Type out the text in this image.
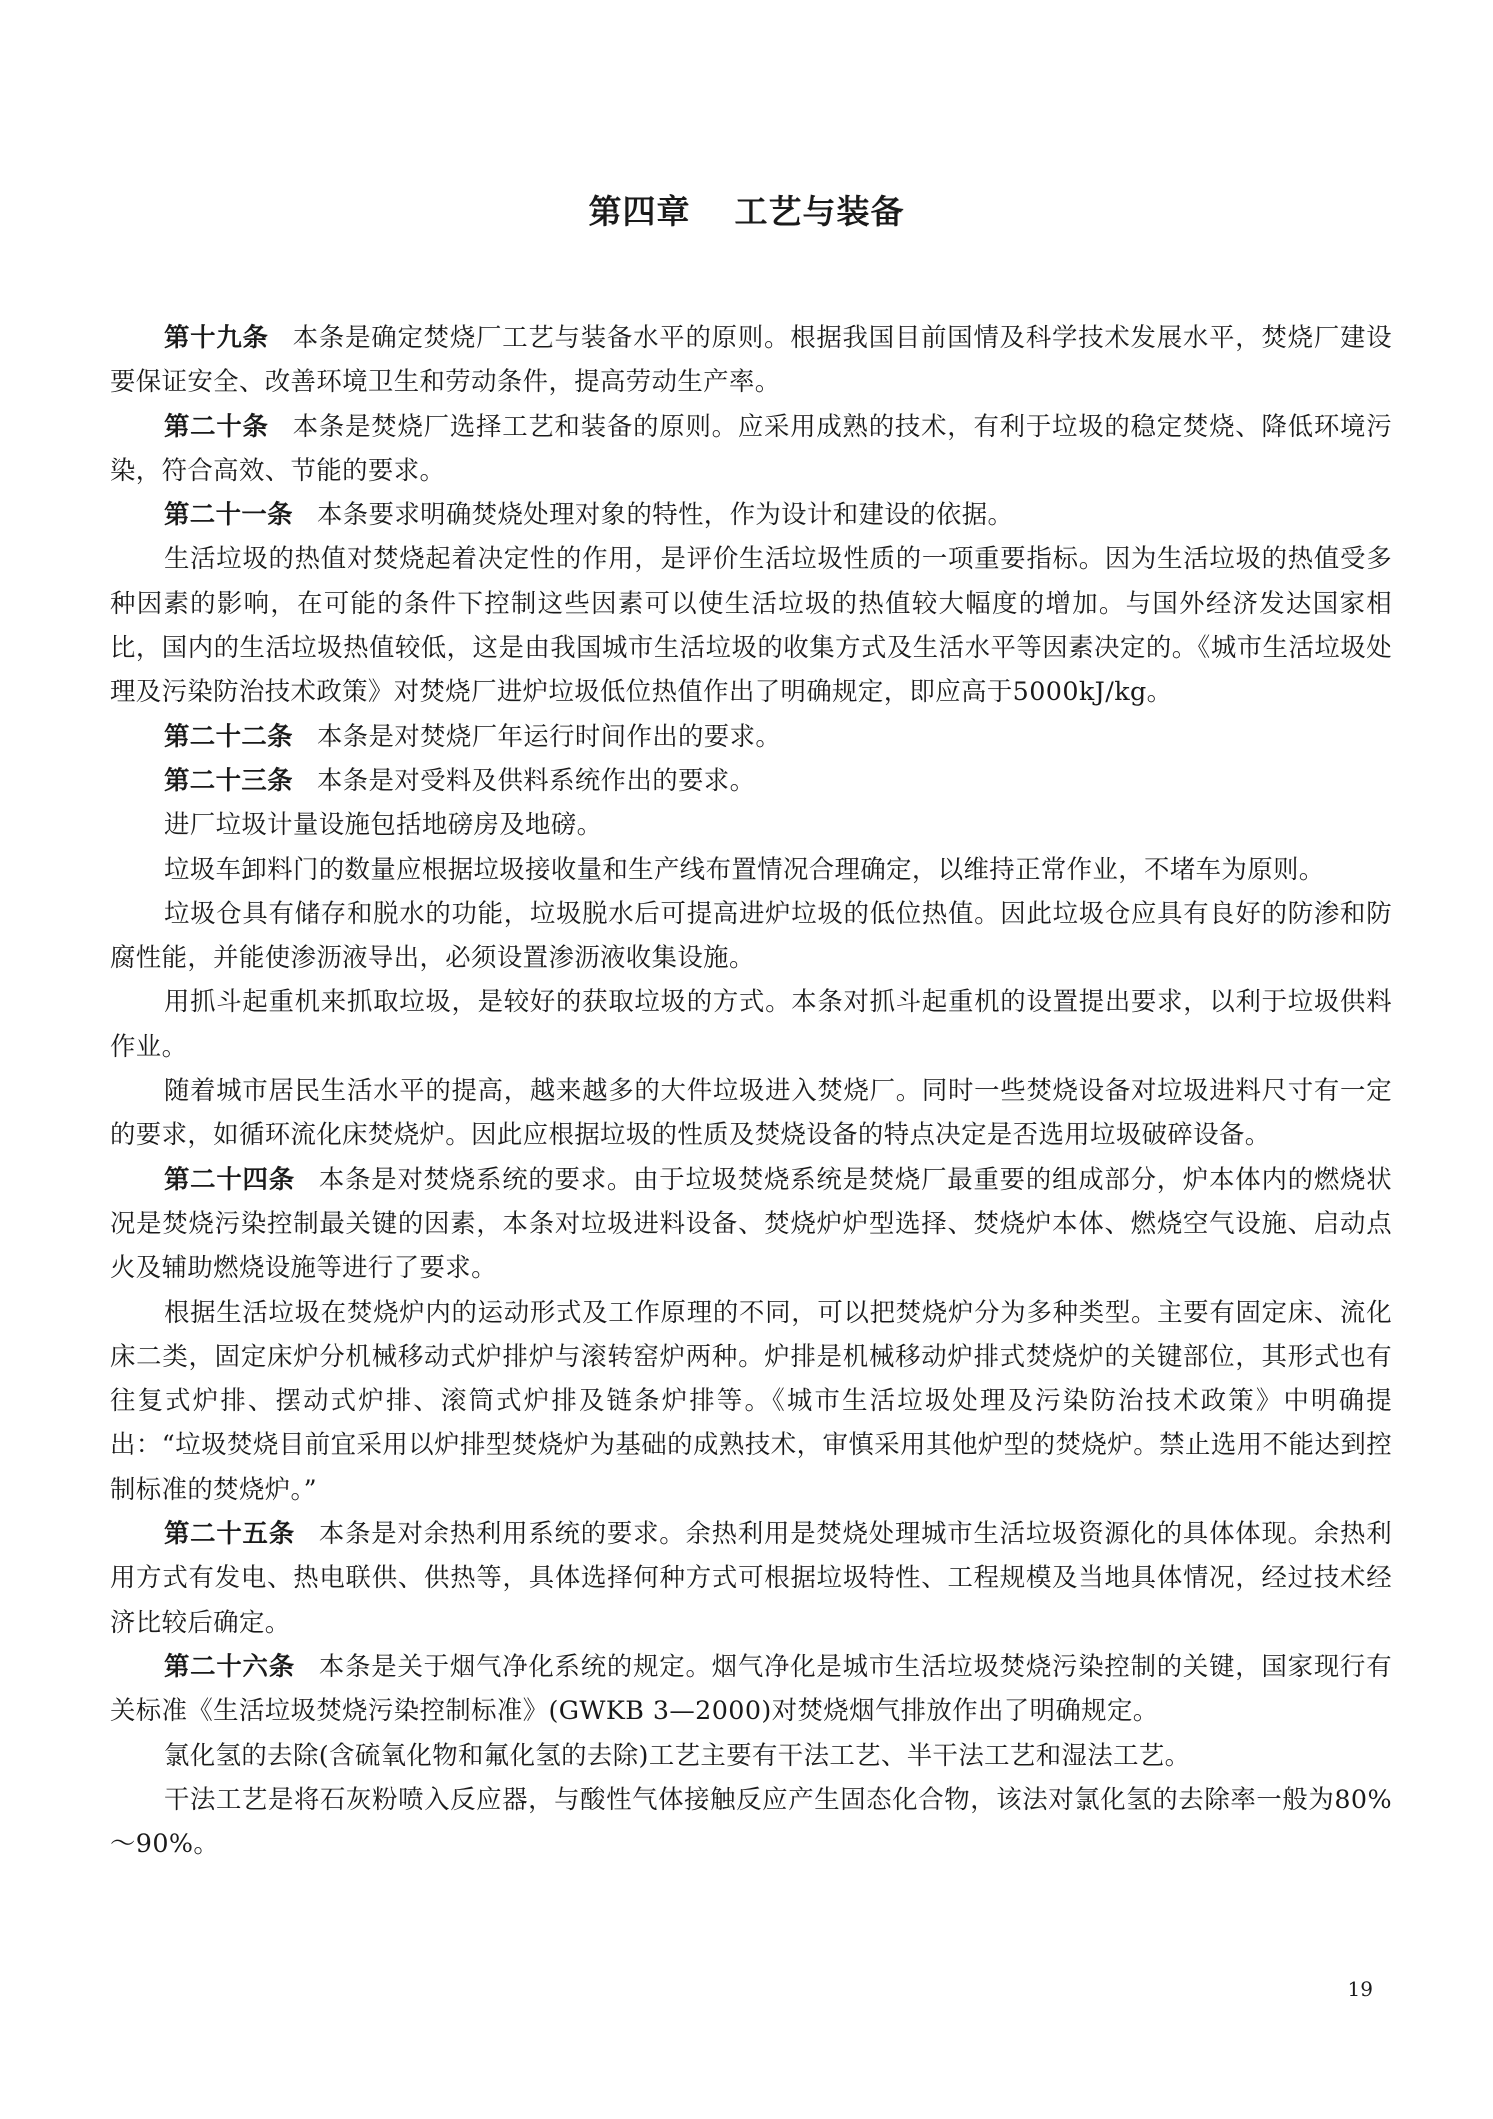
第四章 工艺与装备

第十九条 本条是确定焚烧厂工艺与装备水平的原则。根据我国目前国情及科学技术发展水平，焚烧厂建设要保证安全、改善环境卫生和劳动条件，提高劳动生产率。

第二十条 本条是焚烧厂选择工艺和装备的原则。应采用成熟的技术，有利于垃圾的稳定焚烧、降低环境污染，符合高效、节能的要求。

第二十一条 本条要求明确焚烧处理对象的特性，作为设计和建设的依据。

生活垃圾的热值对焚烧起着决定性的作用，是评价生活垃圾性质的一项重要指标。因为生活垃圾的热值受多种因素的影响，在可能的条件下控制这些因素可以使生活垃圾的热值较大幅度的增加。与国外经济发达国家相比，国内的生活垃圾热值较低，这是由我国城市生活垃圾的收集方式及生活水平等因素决定的。《城市生活垃圾处理及污染防治技术政策》对焚烧厂进炉垃圾低位热值作出了明确规定，即应高于5000kJ/kg。

第二十二条 本条是对焚烧厂年运行时间作出的要求。

第二十三条 本条是对受料及供料系统作出的要求。

进厂垃圾计量设施包括地磅房及地磅。

垃圾车卸料门的数量应根据垃圾接收量和生产线布置情况合理确定，以维持正常作业，不堵车为原则。

垃圾仓具有储存和脱水的功能，垃圾脱水后可提高进炉垃圾的低位热值。因此垃圾仓应具有良好的防渗和防腐性能，并能使渗沥液导出，必须设置渗沥液收集设施。

用抓斗起重机来抓取垃圾，是较好的获取垃圾的方式。本条对抓斗起重机的设置提出要求，以利于垃圾供料作业。

随着城市居民生活水平的提高，越来越多的大件垃圾进入焚烧厂。同时一些焚烧设备对垃圾进料尺寸有一定的要求，如循环流化床焚烧炉。因此应根据垃圾的性质及焚烧设备的特点决定是否选用垃圾破碎设备。

第二十四条 本条是对焚烧系统的要求。由于垃圾焚烧系统是焚烧厂最重要的组成部分，炉本体内的燃烧状况是焚烧污染控制最关键的因素，本条对垃圾进料设备、焚烧炉炉型选择、焚烧炉本体、燃烧空气设施、启动点火及辅助燃烧设施等进行了要求。

根据生活垃圾在焚烧炉内的运动形式及工作原理的不同，可以把焚烧炉分为多种类型。主要有固定床、流化床二类，固定床炉分机械移动式炉排炉与滚转窑炉两种。炉排是机械移动炉排式焚烧炉的关键部位，其形式也有往复式炉排、摆动式炉排、滚筒式炉排及链条炉排等。《城市生活垃圾处理及污染防治技术政策》中明确提出：“垃圾焚烧目前宜采用以炉排型焚烧炉为基础的成熟技术，审慎采用其他炉型的焚烧炉。禁止选用不能达到控制标准的焚烧炉。”

第二十五条 本条是对余热利用系统的要求。余热利用是焚烧处理城市生活垃圾资源化的具体体现。余热利用方式有发电、热电联供、供热等，具体选择何种方式可根据垃圾特性、工程规模及当地具体情况，经过技术经济比较后确定。

第二十六条 本条是关于烟气净化系统的规定。烟气净化是城市生活垃圾焚烧污染控制的关键，国家现行有关标准《生活垃圾焚烧污染控制标准》(GWKB 3—2000)对焚烧烟气排放作出了明确规定。

氯化氢的去除(含硫氧化物和氟化氢的去除)工艺主要有干法工艺、半干法工艺和湿法工艺。

干法工艺是将石灰粉喷入反应器，与酸性气体接触反应产生固态化合物，该法对氯化氢的去除率一般为80%～90%。

19
